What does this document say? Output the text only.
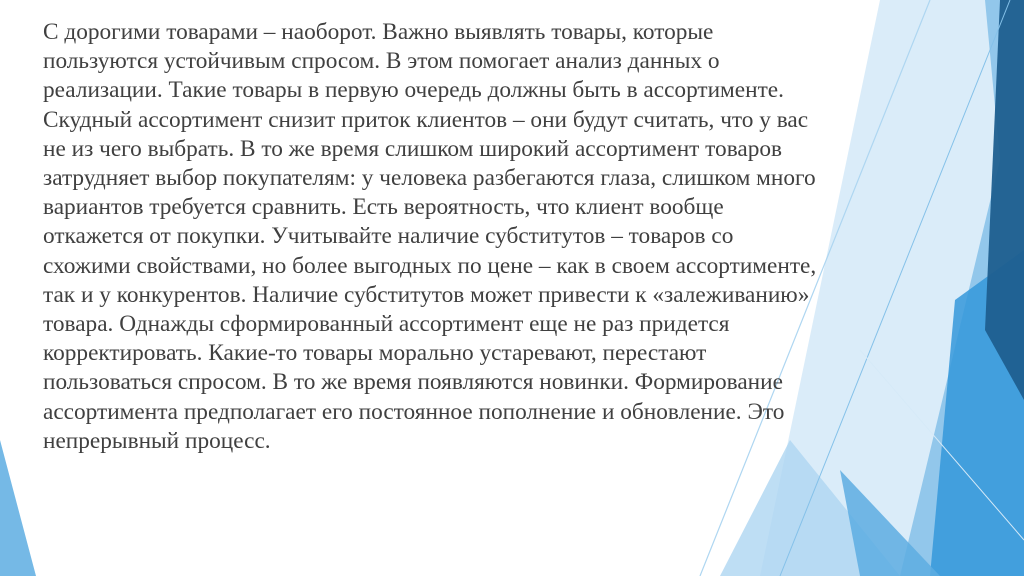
С дорогими товарами – наоборот. Важно выявлять товары, которые
пользуются устойчивым спросом. В этом помогает анализ данных о
реализации. Такие товары в первую очередь должны быть в ассортименте.
Скудный ассортимент снизит приток клиентов – они будут считать, что у вас
не из чего выбрать. В то же время слишком широкий ассортимент товаров
затрудняет выбор покупателям: у человека разбегаются глаза, слишком много
вариантов требуется сравнить. Есть вероятность, что клиент вообще
откажется от покупки. Учитывайте наличие субститутов – товаров со
схожими свойствами, но более выгодных по цене – как в своем ассортименте,
так и у конкурентов. Наличие субститутов может привести к «залеживанию»
товара. Однажды сформированный ассортимент еще не раз придется
корректировать. Какие-то товары морально устаревают, перестают
пользоваться спросом. В то же время появляются новинки. Формирование
ассортимента предполагает его постоянное пополнение и обновление. Это
непрерывный процесс.
